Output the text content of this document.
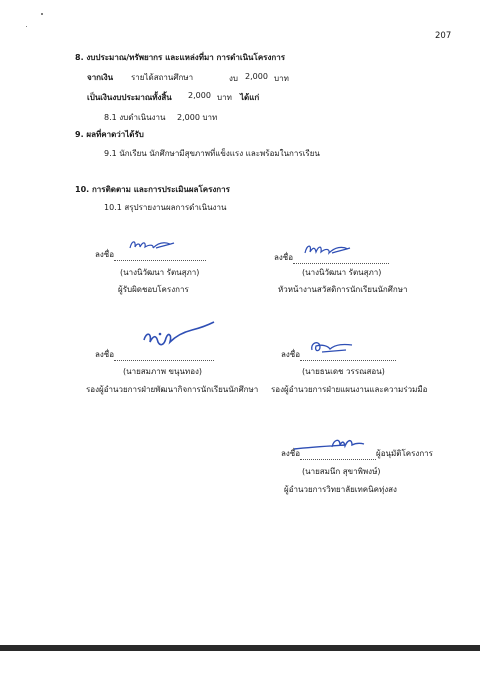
207
8. งบประมาณ/ทรัพยากร และแหล่งที่มา การดำเนินโครงการ
จากเงิน รายได้สถานศึกษา	งบ 2,000 บาท
เป็นเงินงบประมาณทั้งสิ้น 2,000 บาท ได้แก่
8.1 งบดำเนินงาน 2,000 บาท
9. ผลที่คาดว่าได้รับ
9.1 นักเรียน นักศึกษามีสุขภาพที่แข็งแรง และพร้อมในการเรียน
10. การติดตาม และการประเมินผลโครงการ
10.1 สรุปรายงานผลการดำเนินงาน
ลงชื่อ
(นางนิวัฒนา รัตนสุภา)
ผู้รับผิดชอบโครงการ
ลงชื่อ
(นางนิวัฒนา รัตนสุภา)
หัวหน้างานสวัสดิการนักเรียนนักศึกษา
ลงชื่อ
(นายสมภาพ ขนุนทอง)
รองผู้อำนวยการฝ่ายพัฒนากิจการนักเรียนนักศึกษา
ลงชื่อ
(นายธนเดช วรรณสอน)
รองผู้อำนวยการฝ่ายแผนงานและความร่วมมือ
ลงชื่อ	ผู้อนุมัติโครงการ
(นายสมนึก สุขาพิพงษ์)
ผู้อำนวยการวิทยาลัยเทคนิคทุ่งสง
